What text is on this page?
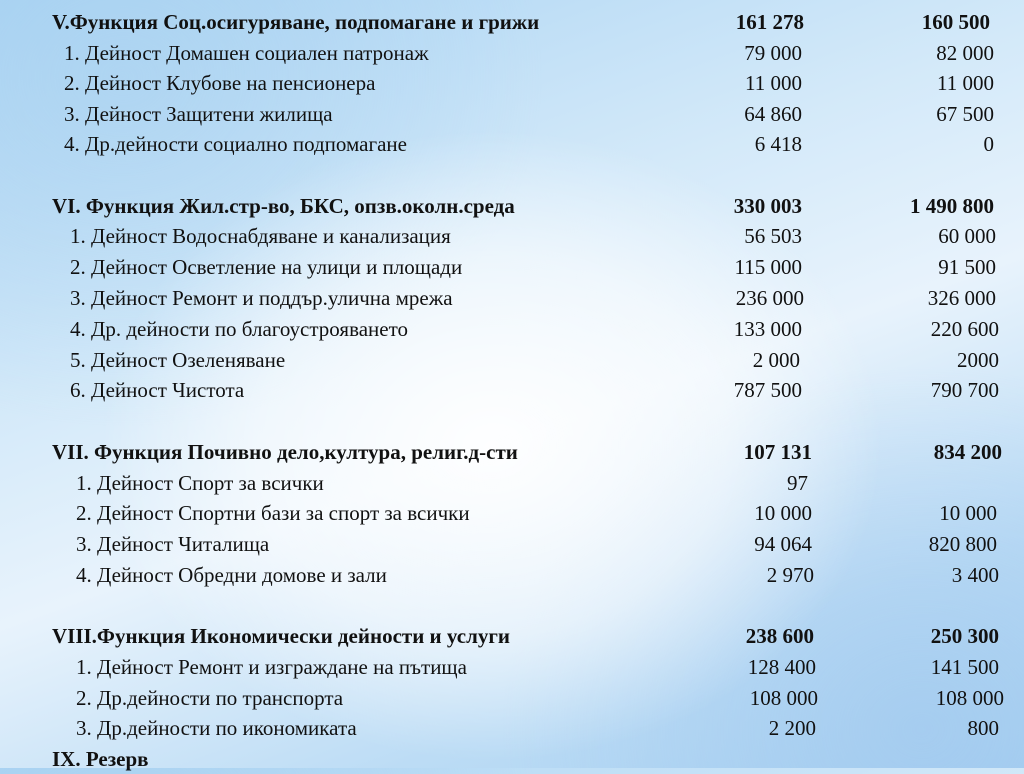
V.Функция Соц.осигуряване, подпомагане и грижи	161 278	160 500
1. Дейност Домашен социален патронаж	79 000	82 000
2. Дейност Клубове на пенсионера	11 000	11 000
3. Дейност Защитени жилища	64 860	67 500
4. Др.дейности социално подпомагане	6 418	0
VI. Функция Жил.стр-во, БКС, опзв.околн.среда	330 003	1 490 800
1. Дейност Водоснабдяване и канализация	56 503	60 000
2. Дейност Осветление на улици и площади	115 000	91 500
3. Дейност Ремонт и поддър.улична мрежа	236 000	326 000
4. Др. дейности по благоустрояването	133 000	220 600
5. Дейност Озеленяване	2 000	2000
6. Дейност Чистота	787 500	790 700
VII. Функция Почивно дело,култура, религ.д-сти	107 131	834 200
1. Дейност Спорт за всички	97
2. Дейност Спортни бази за спорт за всички	10 000	10 000
3. Дейност Читалища	94 064	820 800
4. Дейност Обредни домове и зали	2 970	3 400
VIII.Функция Икономически дейности и услуги	238 600	250 300
1. Дейност Ремонт и изграждане на пътища	128 400	141 500
2. Др.дейности по транспорта	108 000	108 000
3. Др.дейности по икономиката	2 200	800
IX. Резерв
